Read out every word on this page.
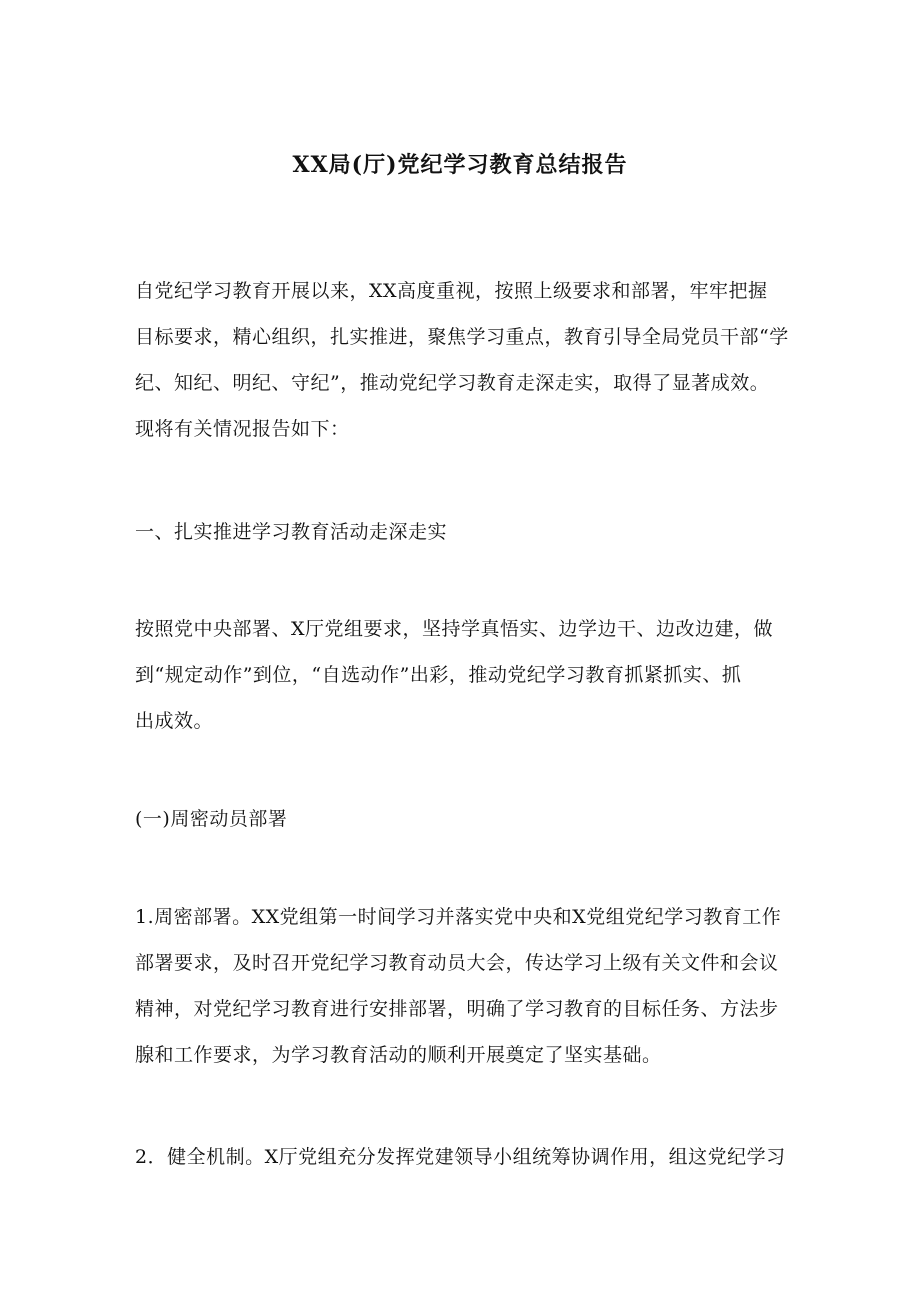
XX局(厅)党纪学习教育总结报告
自党纪学习教育开展以来，XX高度重视，按照上级要求和部署，牢牢把握
目标要求，精心组织，扎实推进，聚焦学习重点，教育引导全局党员干部“学
纪、知纪、明纪、守纪”，推动党纪学习教育走深走实，取得了显著成效。
现将有关情况报告如下：
一、扎实推进学习教育活动走深走实
按照党中央部署、X厅党组要求，坚持学真悟实、边学边干、边改边建，做
到“规定动作”到位，“自选动作”出彩，推动党纪学习教育抓紧抓实、抓
出成效。
(一)周密动员部署
1.周密部署。XX党组第一时间学习并落实党中央和X党组党纪学习教育工作
部署要求，及时召开党纪学习教育动员大会，传达学习上级有关文件和会议
精神，对党纪学习教育进行安排部署，明确了学习教育的目标任务、方法步
腺和工作要求，为学习教育活动的顺利开展奠定了坚实基础。
2．健全机制。X厅党组充分发挥党建领导小组统筹协调作用，组这党纪学习
